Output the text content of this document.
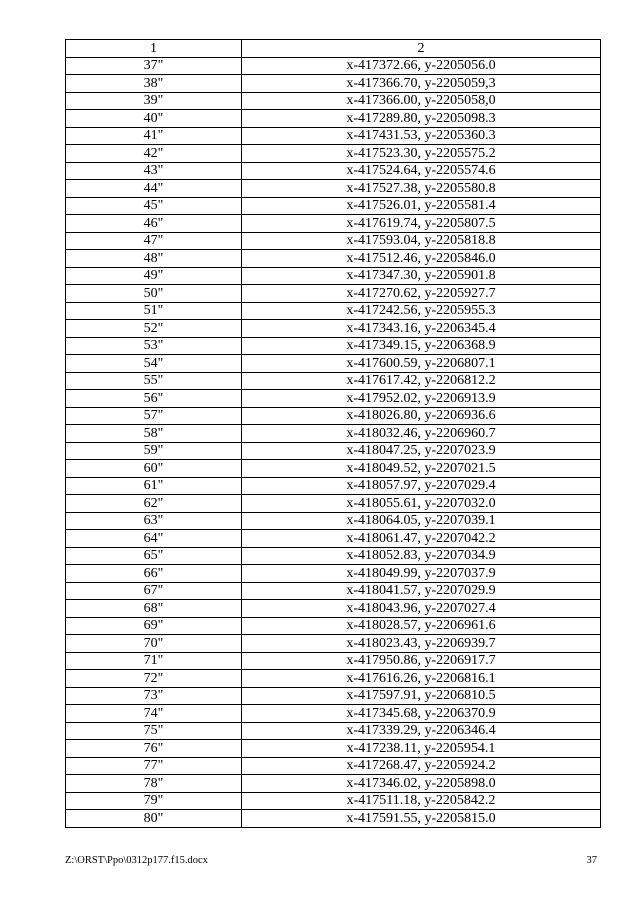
1	2
37"	x-417372.66, y-2205056.0
38"	x-417366.70, y-2205059,3
39"	x-417366.00, y-2205058,0
40"	x-417289.80, y-2205098.3
41"	x-417431.53, y-2205360.3
42"	x-417523.30, y-2205575.2
43"	x-417524.64, y-2205574.6
44"	x-417527.38, y-2205580.8
45"	x-417526.01, y-2205581.4
46"	x-417619.74, y-2205807.5
47"	x-417593.04, y-2205818.8
48"	x-417512.46, y-2205846.0
49"	x-417347.30, y-2205901.8
50"	x-417270.62, y-2205927.7
51"	x-417242.56, y-2205955.3
52"	x-417343.16, y-2206345.4
53"	x-417349.15, y-2206368.9
54"	x-417600.59, y-2206807.1
55"	x-417617.42, y-2206812.2
56"	x-417952.02, y-2206913.9
57"	x-418026.80, y-2206936.6
58"	x-418032.46, y-2206960.7
59"	x-418047.25, y-2207023.9
60"	x-418049.52, y-2207021.5
61"	x-418057.97, y-2207029.4
62"	x-418055.61, y-2207032.0
63"	x-418064.05, y-2207039.1
64"	x-418061.47, y-2207042.2
65"	x-418052.83, y-2207034.9
66"	x-418049.99, y-2207037.9
67"	x-418041.57, y-2207029.9
68"	x-418043.96, y-2207027.4
69"	x-418028.57, y-2206961.6
70"	x-418023.43, y-2206939.7
71"	x-417950.86, y-2206917.7
72"	x-417616.26, y-2206816.1
73"	x-417597.91, y-2206810.5
74"	x-417345.68, y-2206370.9
75"	x-417339.29, y-2206346.4
76"	x-417238.11, y-2205954.1
77"	x-417268.47, y-2205924.2
78"	x-417346.02, y-2205898.0
79"	x-417511.18, y-2205842.2
80"	x-417591.55, y-2205815.0
Z:\ORST\Ppo\0312p177.f15.docx	37
